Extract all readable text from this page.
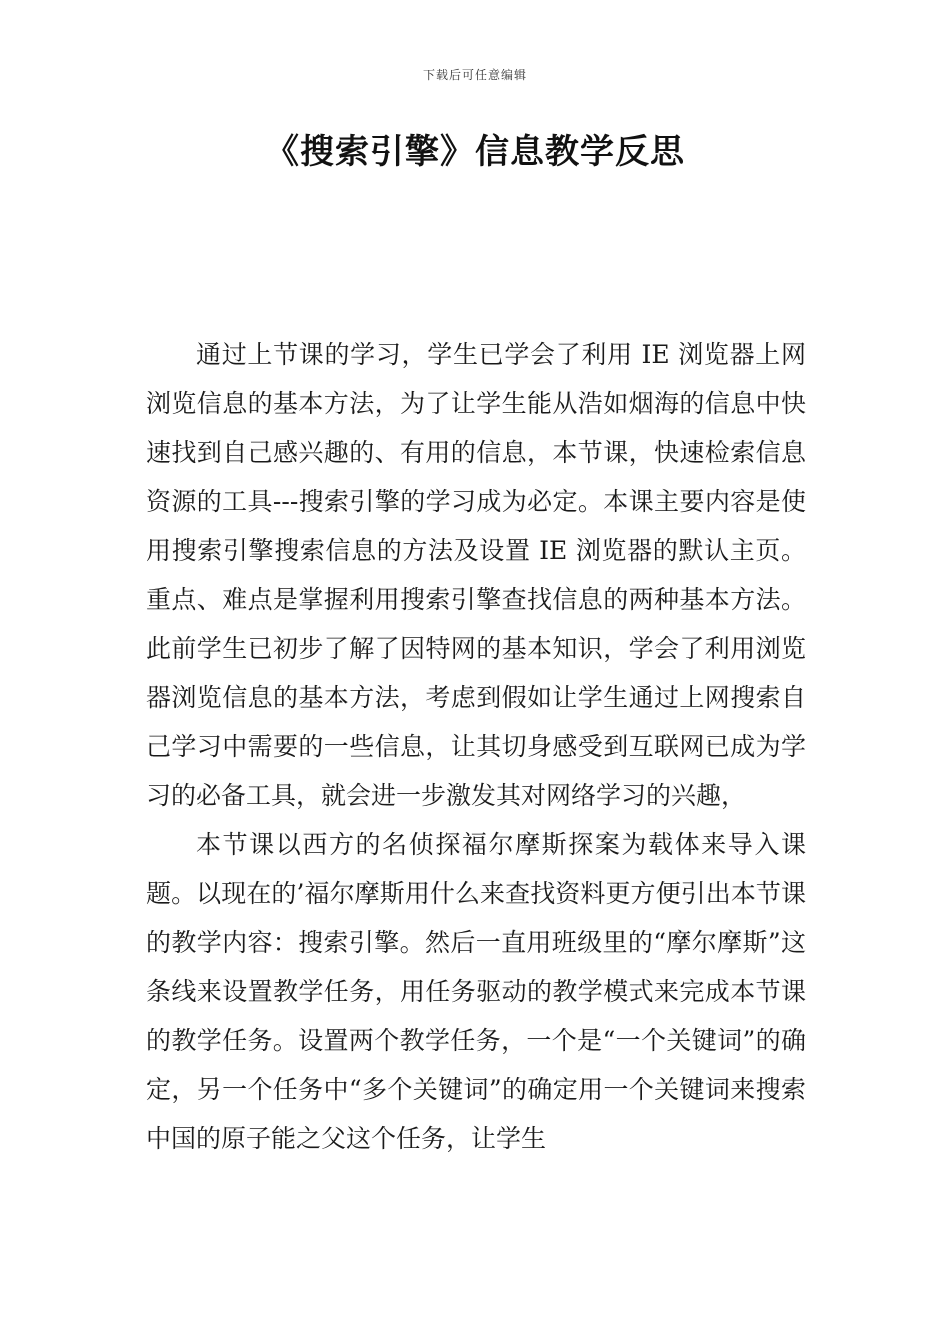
下载后可任意编辑
《搜索引擎》信息教学反思

通过上节课的学习，学生已学会了利用 IE 浏览器上网浏览信息的基本方法，为了让学生能从浩如烟海的信息中快速找到自己感兴趣的、有用的信息，本节课，快速检索信息资源的工具---搜索引擎的学习成为必定。本课主要内容是使用搜索引擎搜索信息的方法及设置 IE 浏览器的默认主页。重点、难点是掌握利用搜索引擎查找信息的两种基本方法。此前学生已初步了解了因特网的基本知识，学会了利用浏览器浏览信息的基本方法，考虑到假如让学生通过上网搜索自己学习中需要的一些信息，让其切身感受到互联网已成为学习的必备工具，就会进一步激发其对网络学习的兴趣，

本节课以西方的名侦探福尔摩斯探案为载体来导入课题。以现在的’福尔摩斯用什么来查找资料更方便引出本节课的教学内容：搜索引擎。然后一直用班级里的“摩尔摩斯”这条线来设置教学任务，用任务驱动的教学模式来完成本节课的教学任务。设置两个教学任务，一个是“一个关键词”的确定，另一个任务中“多个关键词”的确定用一个关键词来搜索中国的原子能之父这个任务，让学生
